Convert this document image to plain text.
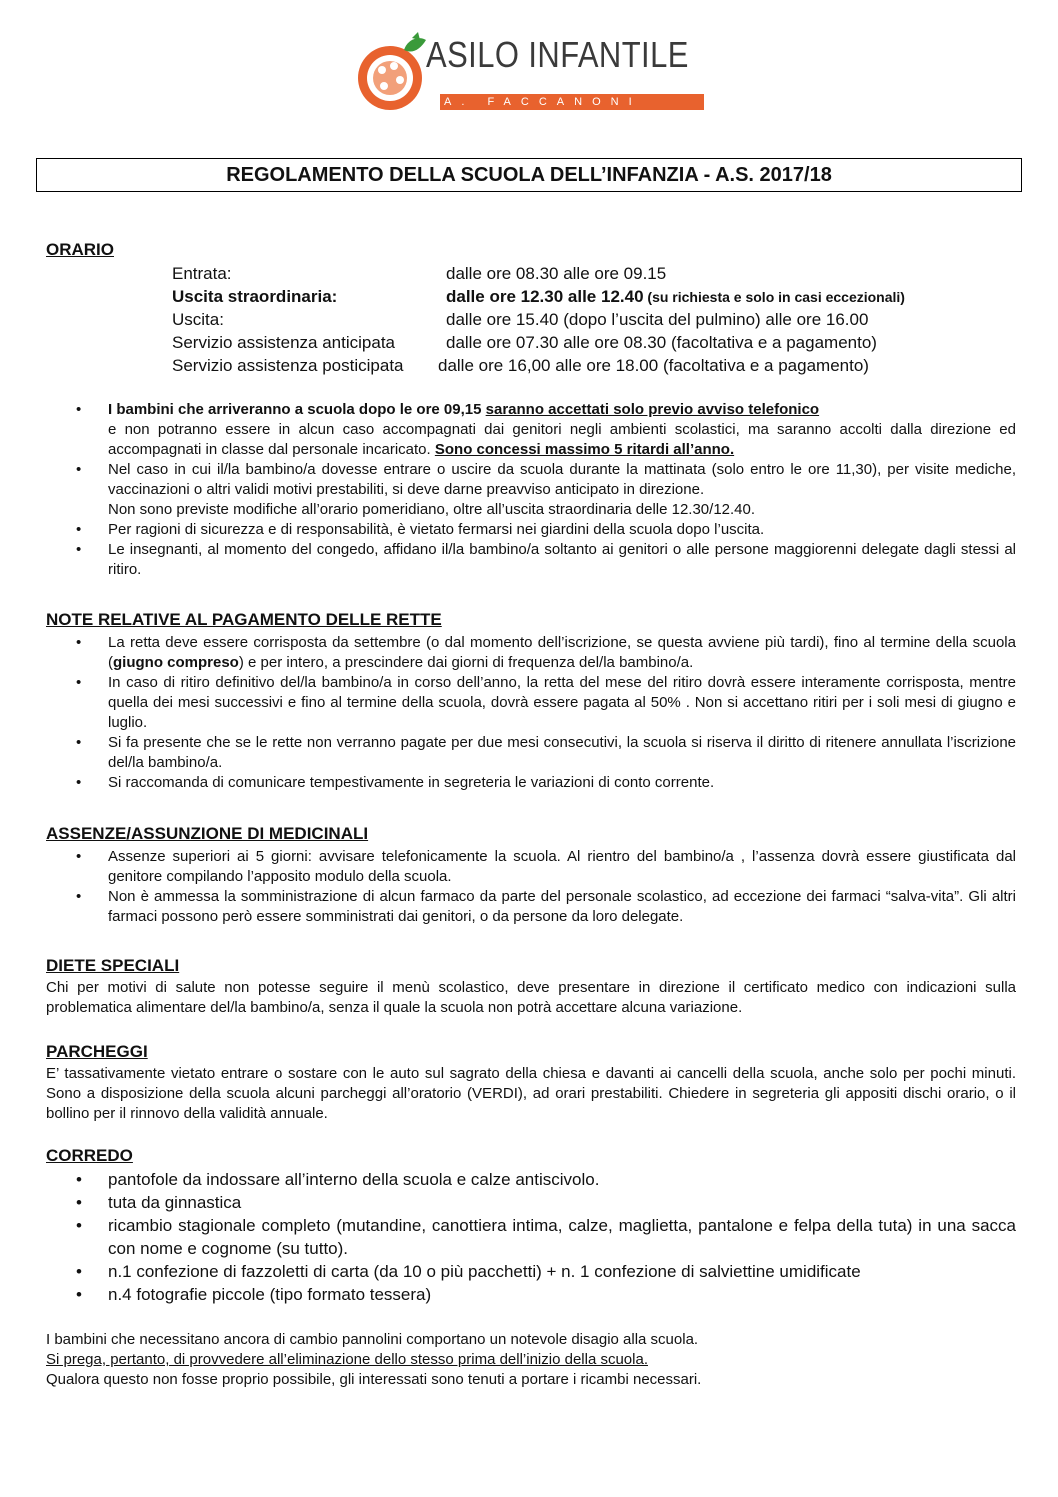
ASILO INFANTILE
A. FACCANONI
REGOLAMENTO DELLA SCUOLA DELL’INFANZIA - A.S. 2017/18
ORARIO
Entrata:	dalle ore 08.30 alle ore 09.15
Uscita straordinaria:	dalle ore 12.30 alle 12.40 (su richiesta e solo in casi eccezionali)
Uscita:	dalle ore 15.40 (dopo l’uscita del pulmino) alle ore 16.00
Servizio assistenza anticipata	dalle ore 07.30 alle ore 08.30 (facoltativa e a pagamento)
Servizio assistenza posticipata dalle ore 16,00 alle ore 18.00 (facoltativa e a pagamento)
• I bambini che arriveranno a scuola dopo le ore 09,15 saranno accettati solo previo avviso telefonico
e non potranno essere in alcun caso accompagnati dai genitori negli ambienti scolastici, ma saranno accolti dalla direzione ed accompagnati in classe dal personale incaricato. Sono concessi massimo 5 ritardi all’anno.
• Nel caso in cui il/la bambino/a dovesse entrare o uscire da scuola durante la mattinata (solo entro le ore 11,30), per visite mediche, vaccinazioni o altri validi motivi prestabiliti, si deve darne preavviso anticipato in direzione.
Non sono previste modifiche all’orario pomeridiano, oltre all’uscita straordinaria delle 12.30/12.40.
• Per ragioni di sicurezza e di responsabilità, è vietato fermarsi nei giardini della scuola dopo l’uscita.
• Le insegnanti, al momento del congedo, affidano il/la bambino/a soltanto ai genitori o alle persone maggiorenni delegate dagli stessi al ritiro.
NOTE RELATIVE AL PAGAMENTO DELLE RETTE
• La retta deve essere corrisposta da settembre (o dal momento dell’iscrizione, se questa avviene più tardi), fino al termine della scuola (giugno compreso) e per intero, a prescindere dai giorni di frequenza del/la bambino/a.
• In caso di ritiro definitivo del/la bambino/a in corso dell’anno, la retta del mese del ritiro dovrà essere interamente corrisposta, mentre quella dei mesi successivi e fino al termine della scuola, dovrà essere pagata al 50% . Non si accettano ritiri per i soli mesi di giugno e luglio.
• Si fa presente che se le rette non verranno pagate per due mesi consecutivi, la scuola si riserva il diritto di ritenere annullata l’iscrizione del/la bambino/a.
• Si raccomanda di comunicare tempestivamente in segreteria le variazioni di conto corrente.
ASSENZE/ASSUNZIONE DI MEDICINALI
• Assenze superiori ai 5 giorni: avvisare telefonicamente la scuola. Al rientro del bambino/a , l’assenza dovrà essere giustificata dal genitore compilando l’apposito modulo della scuola.
• Non è ammessa la somministrazione di alcun farmaco da parte del personale scolastico, ad eccezione dei farmaci “salva-vita”. Gli altri farmaci possono però essere somministrati dai genitori, o da persone da loro delegate.
DIETE SPECIALI

Chi per motivi di salute non potesse seguire il menù scolastico, deve presentare in direzione il certificato medico con indicazioni sulla problematica alimentare del/la bambino/a, senza il quale la scuola non potrà accettare alcuna variazione.

PARCHEGGI

E’ tassativamente vietato entrare o sostare con le auto sul sagrato della chiesa e davanti ai cancelli della scuola, anche solo per pochi minuti. Sono a disposizione della scuola alcuni parcheggi all’oratorio (VERDI), ad orari prestabiliti. Chiedere in segreteria gli appositi dischi orario, o il bollino per il rinnovo della validità annuale.

CORREDO
• pantofole da indossare all’interno della scuola e calze antiscivolo.
• tuta da ginnastica
• ricambio stagionale completo (mutandine, canottiera intima, calze, maglietta, pantalone e felpa della tuta) in una sacca con nome e cognome (su tutto).
• n.1 confezione di fazzoletti di carta (da 10 o più pacchetti) + n. 1 confezione di salviettine umidificate
• n.4 fotografie piccole (tipo formato tessera)

I bambini che necessitano ancora di cambio pannolini comportano un notevole disagio alla scuola.

Si prega, pertanto, di provvedere all’eliminazione dello stesso prima dell’inizio della scuola.

Qualora questo non fosse proprio possibile, gli interessati sono tenuti a portare i ricambi necessari.
